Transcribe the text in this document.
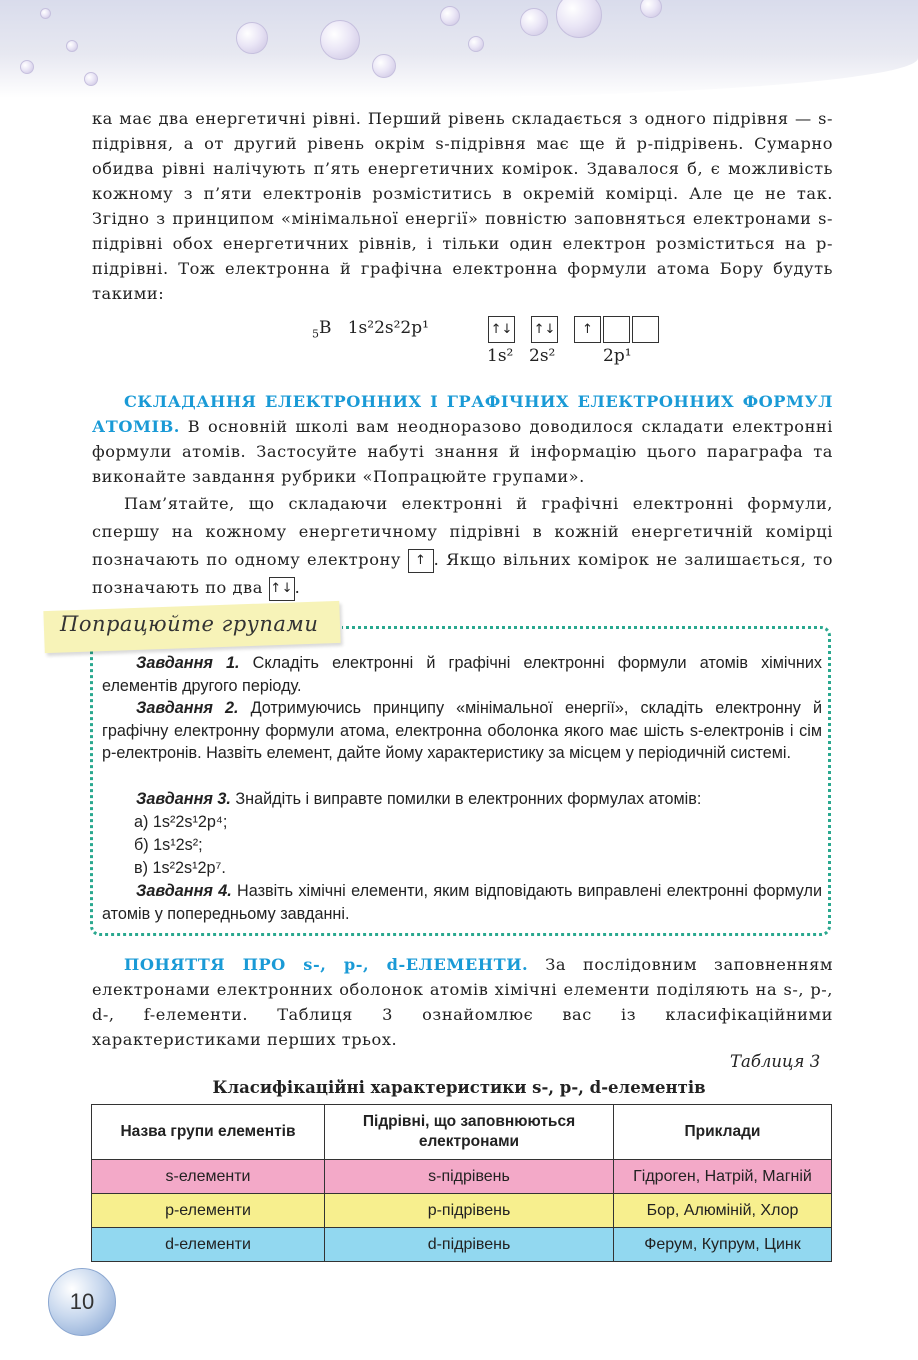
ка має два енергетичні рівні. Перший рівень складається з одного підрівня — s-підрівня, а от другий рівень окрім s-підрівня має ще й p-підрівень. Сумарно обидва рівні налічують п’ять енергетичних комірок. Здавалося б, є можливість кожному з п’яти електронів розміститись в окремій комірці. Але це не так. Згідно з принципом «мінімальної енергії» повністю заповняться електронами s-підрівні обох енергетичних рівнів, і тільки один електрон розміститься на p-підрівні. Тож електронна й графічна електронна формули атома Бору будуть такими:

$_5$B 1s²2s²2p¹	↑↓ ↑↓	↑
1s² 2s²	2p¹

СКЛАДАННЯ ЕЛЕКТРОННИХ І ГРАФІЧНИХ ЕЛЕКТРОННИХ ФОРМУЛ АТОМІВ. В основній школі вам неодноразово доводилося складати електронні формули атомів. Застосуйте набуті знання й інформацію цього параграфа та виконайте завдання рубрики «Попрацюйте групами».

Пам’ятайте, що складаючи електронні й графічні електронні формули, спершу на кожному енергетичному підрівні в кожній енергетичній комірці позначають по одному електрону ↑ . Якщо вільних комірок не залишається, то позначають по два ↑↓.

Попрацюйте групами

Завдання 1. Складіть електронні й графічні електронні формули атомів хімічних елементів другого періоду.

Завдання 2. Дотримуючись принципу «мінімальної енергії», складіть електронну й графічну електронну формули атома, електронна оболонка якого має шість s-електронів і сім p-електронів. Назвіть елемент, дайте йому характеристику за місцем у періодичній системі.

Завдання 3. Знайдіть і виправте помилки в електронних формулах атомів:

а) 1s²2s¹2p⁴;

б) 1s¹2s²;

в) 1s²2s¹2p⁷.

Завдання 4. Назвіть хімічні елементи, яким відповідають виправлені електронні формули атомів у попередньому завданні.

ПОНЯТТЯ ПРО s-, p-, d-ЕЛЕМЕНТИ. За послідовним заповненням електронами електронних оболонок атомів хімічні елементи поділяють на s-, p-, d-, f-елементи. Таблиця 3 ознайомлює вас із класифікаційними характеристиками перших трьох.

Таблиця 3
Класифікаційні характеристики s-, p-, d-елементів
Назва групи елементів	Підрівні, що заповнюються електронами	Приклади
s-елементи	s-підрівень	Гідроген, Натрій, Магній
p-елементи	p-підрівень	Бор, Алюміній, Хлор
d-елементи	d-підрівень	Ферум, Купрум, Цинк
10
